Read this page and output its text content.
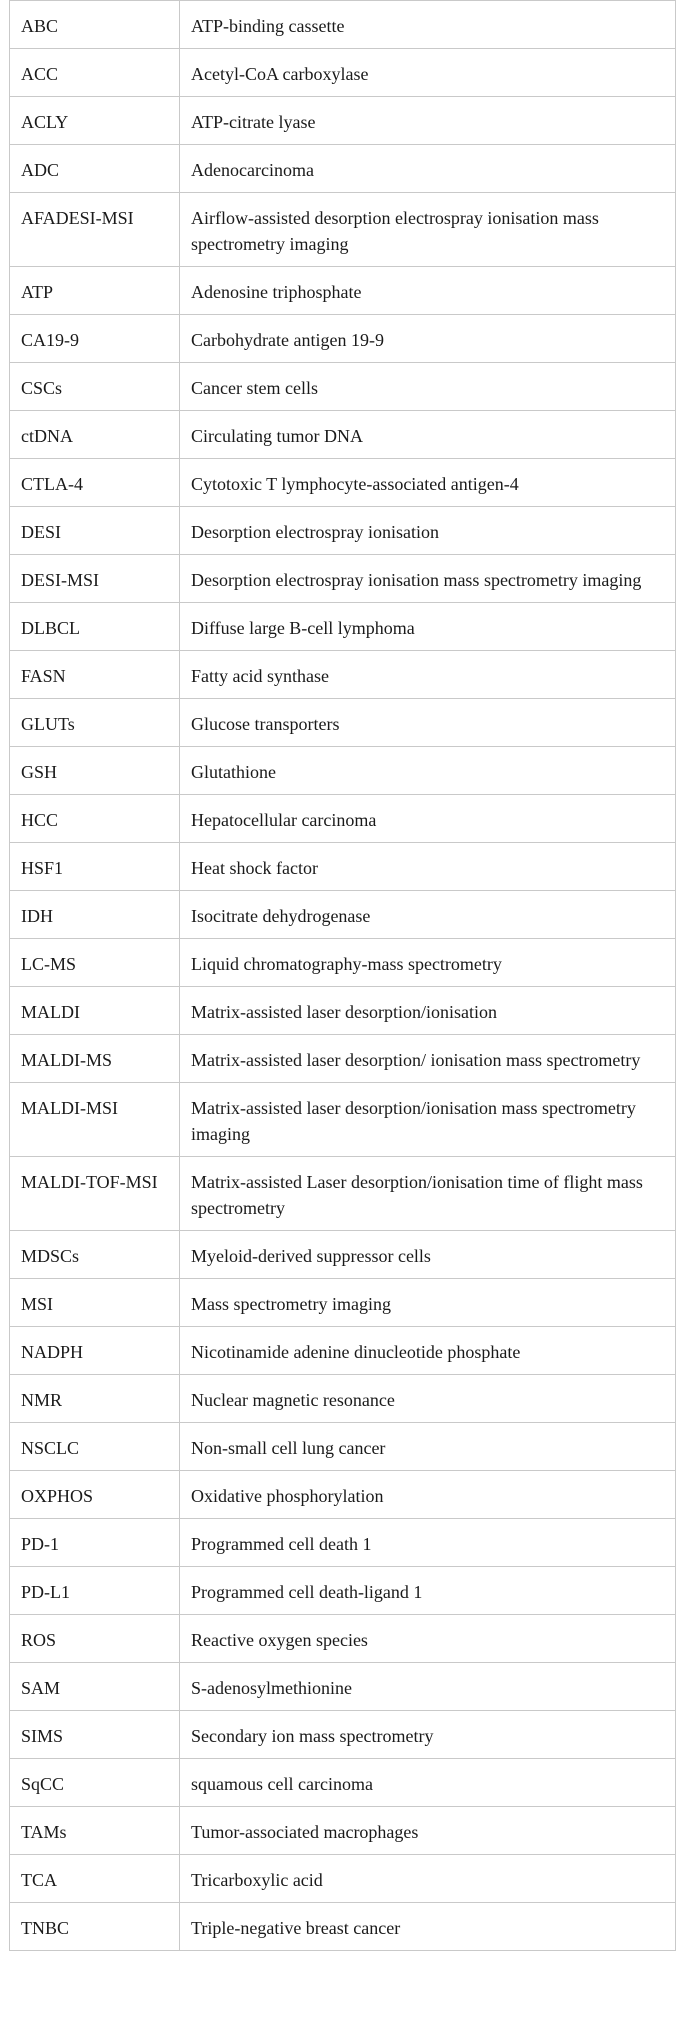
ABC	ATP-binding cassette
ACC	Acetyl-CoA carboxylase
ACLY	ATP-citrate lyase
ADC	Adenocarcinoma
AFADESI-MSI	Airflow-assisted desorption electrospray ionisation mass spectrometry imaging
ATP	Adenosine triphosphate
CA19-9	Carbohydrate antigen 19-9
CSCs	Cancer stem cells
ctDNA	Circulating tumor DNA
CTLA-4	Cytotoxic T lymphocyte-associated antigen-4
DESI	Desorption electrospray ionisation
DESI-MSI	Desorption electrospray ionisation mass spectrometry imaging
DLBCL	Diffuse large B-cell lymphoma
FASN	Fatty acid synthase
GLUTs	Glucose transporters
GSH	Glutathione
HCC	Hepatocellular carcinoma
HSF1	Heat shock factor
IDH	Isocitrate dehydrogenase
LC-MS	Liquid chromatography-mass spectrometry
MALDI	Matrix-assisted laser desorption/ionisation
MALDI-MS	Matrix-assisted laser desorption/ ionisation mass spectrometry
MALDI-MSI	Matrix-assisted laser desorption/ionisation mass spectrometry imaging
MALDI-TOF-MSI	Matrix-assisted Laser desorption/ionisation time of flight mass spectrometry
MDSCs	Myeloid-derived suppressor cells
MSI	Mass spectrometry imaging
NADPH	Nicotinamide adenine dinucleotide phosphate
NMR	Nuclear magnetic resonance
NSCLC	Non-small cell lung cancer
OXPHOS	Oxidative phosphorylation
PD-1	Programmed cell death 1
PD-L1	Programmed cell death-ligand 1
ROS	Reactive oxygen species
SAM	S-adenosylmethionine
SIMS	Secondary ion mass spectrometry
SqCC	squamous cell carcinoma
TAMs	Tumor-associated macrophages
TCA	Tricarboxylic acid
TNBC	Triple-negative breast cancer
